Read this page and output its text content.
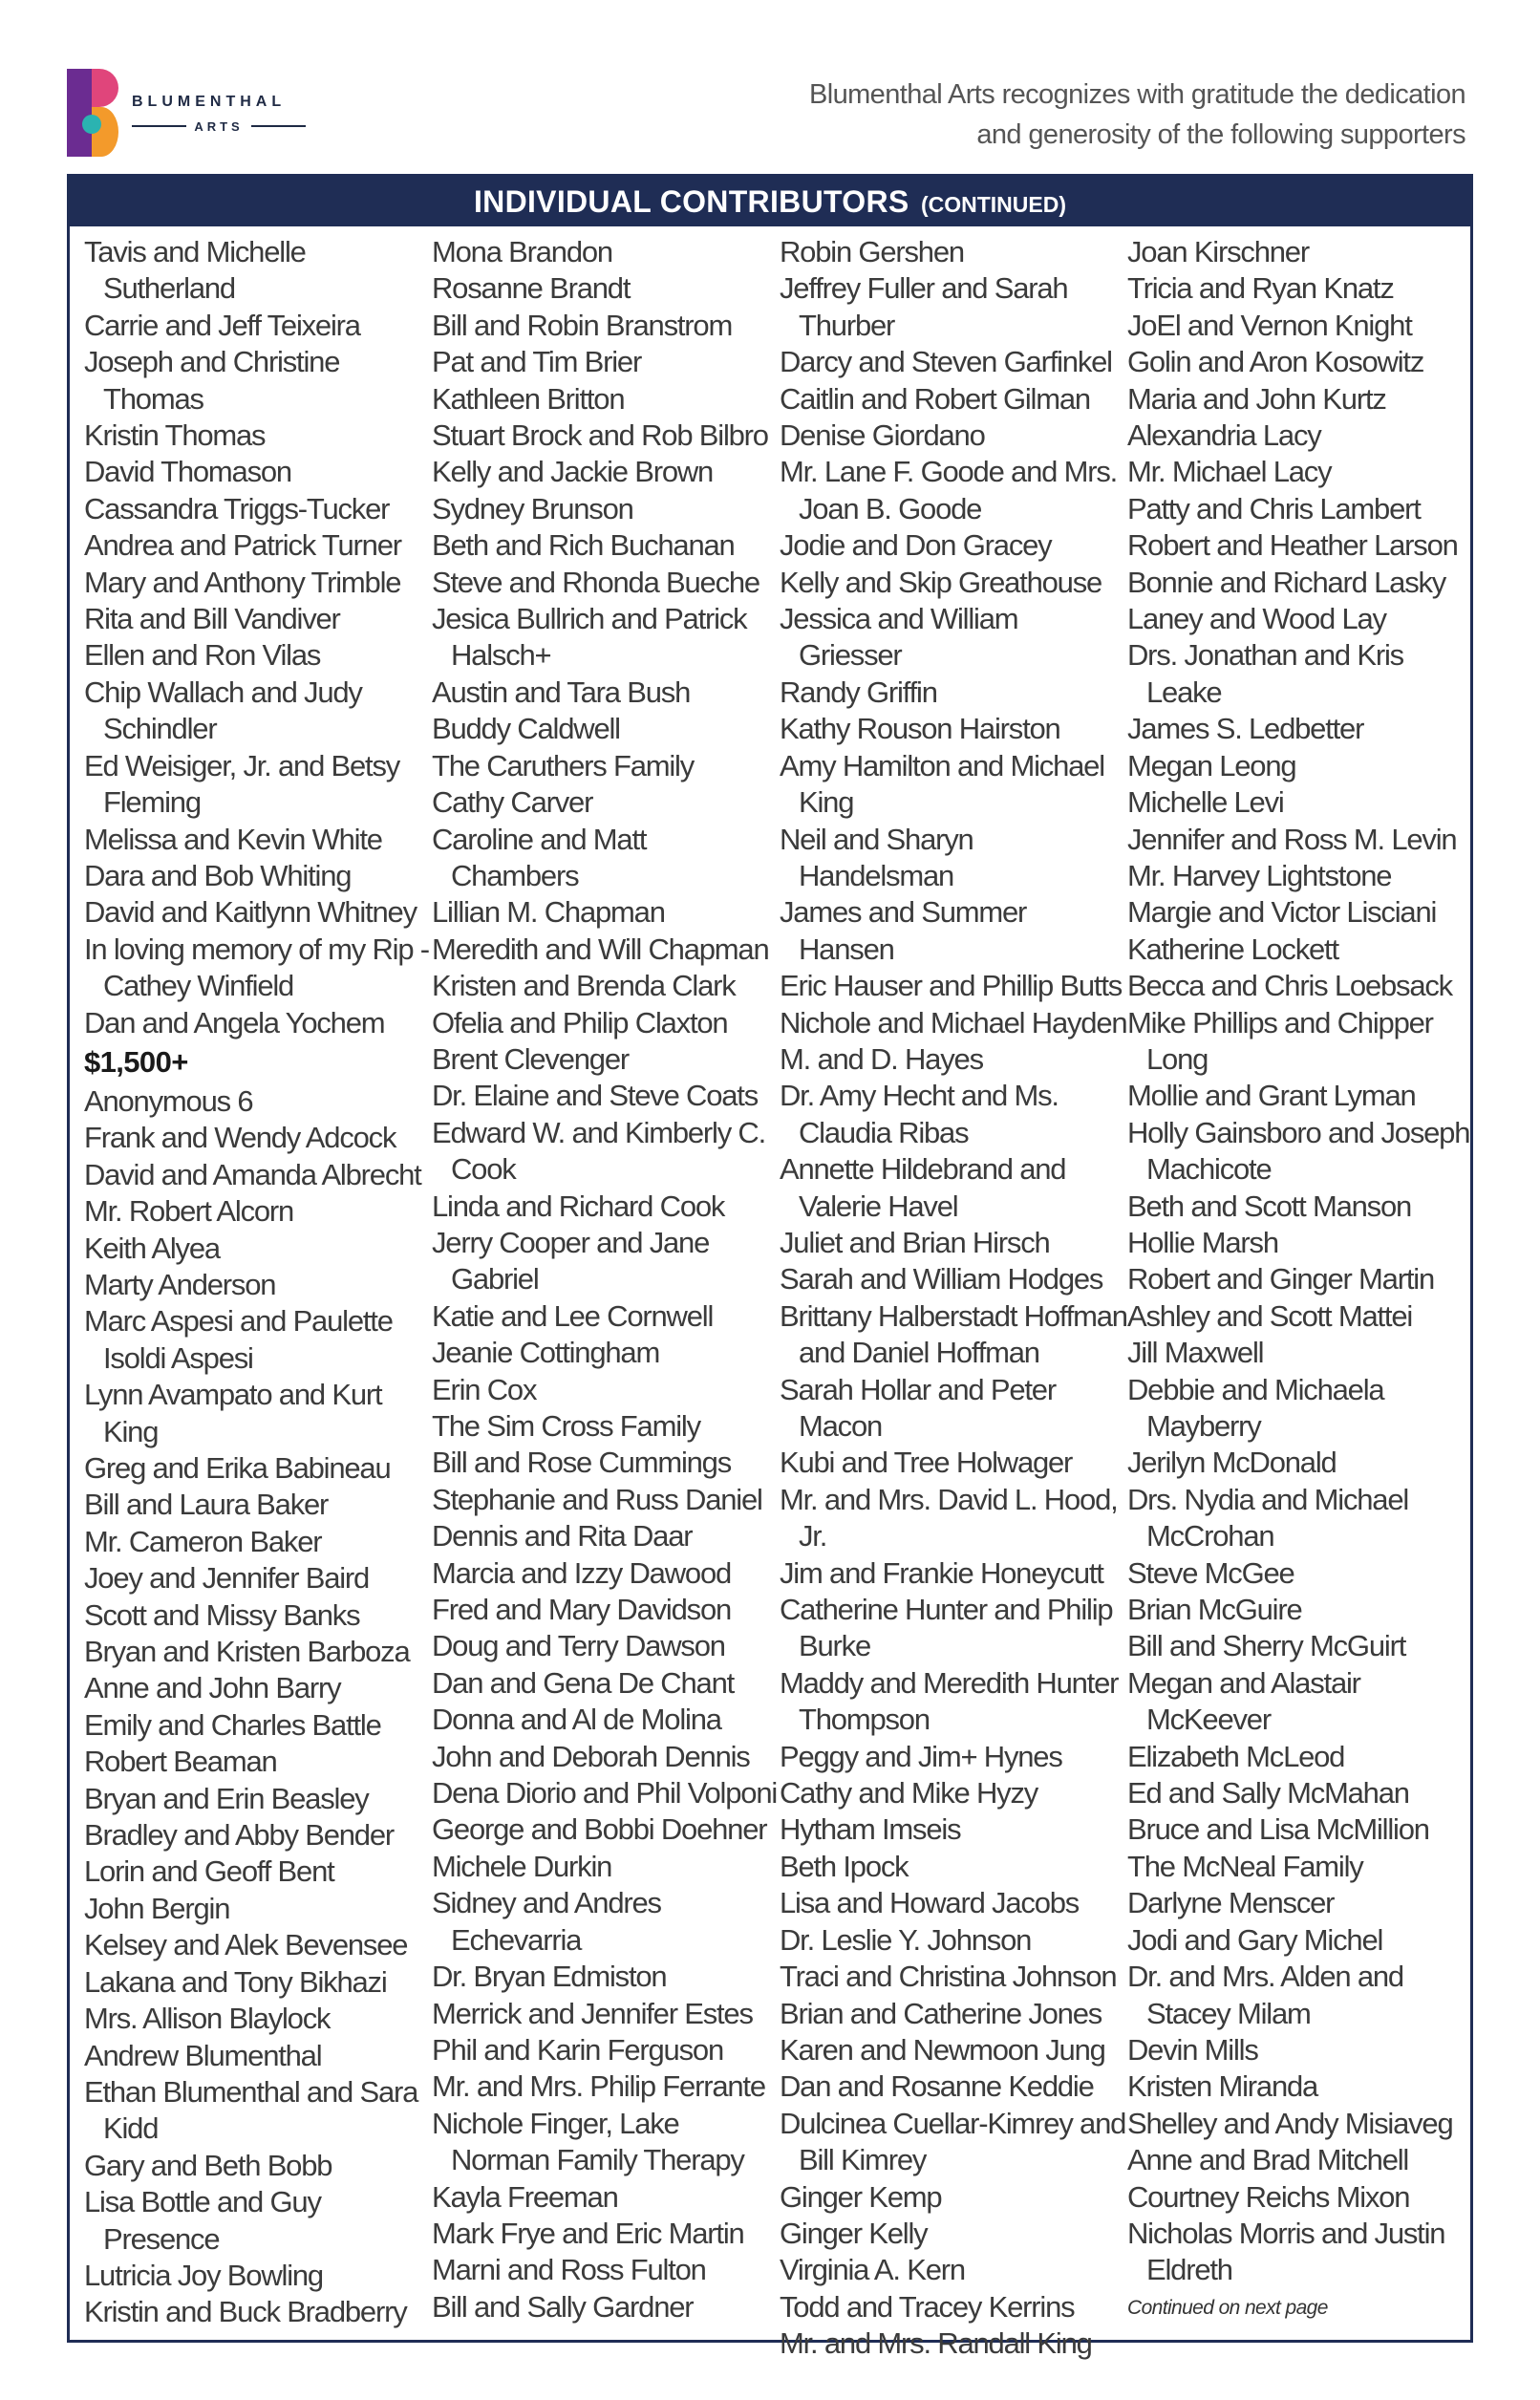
BLUMENTHAL
ARTS
Blumenthal Arts recognizes with gratitude the dedication
and generosity of the following supporters
INDIVIDUAL CONTRIBUTORS (CONTINUED)
Tavis and Michelle Sutherland
Carrie and Jeff Teixeira
Joseph and Christine Thomas
Kristin Thomas
David Thomason
Cassandra Triggs-Tucker
Andrea and Patrick Turner
Mary and Anthony Trimble
Rita and Bill Vandiver
Ellen and Ron Vilas
Chip Wallach and Judy Schindler
Ed Weisiger, Jr. and Betsy Fleming
Melissa and Kevin White
Dara and Bob Whiting
David and Kaitlynn Whitney
In loving memory of my Rip - Cathey Winfield
Dan and Angela Yochem
$1,500+
Anonymous 6
Frank and Wendy Adcock
David and Amanda Albrecht
Mr. Robert Alcorn
Keith Alyea
Marty Anderson
Marc Aspesi and Paulette Isoldi Aspesi
Lynn Avampato and Kurt King
Greg and Erika Babineau
Bill and Laura Baker
Mr. Cameron Baker
Joey and Jennifer Baird
Scott and Missy Banks
Bryan and Kristen Barboza
Anne and John Barry
Emily and Charles Battle
Robert Beaman
Bryan and Erin Beasley
Bradley and Abby Bender
Lorin and Geoff Bent
John Bergin
Kelsey and Alek Bevensee
Lakana and Tony Bikhazi
Mrs. Allison Blaylock
Andrew Blumenthal
Ethan Blumenthal and Sara Kidd
Gary and Beth Bobb
Lisa Bottle and Guy Presence
Lutricia Joy Bowling
Kristin and Buck Bradberry
Mona Brandon
Rosanne Brandt
Bill and Robin Branstrom
Pat and Tim Brier
Kathleen Britton
Stuart Brock and Rob Bilbro
Kelly and Jackie Brown
Sydney Brunson
Beth and Rich Buchanan
Steve and Rhonda Bueche
Jesica Bullrich and Patrick Halsch+
Austin and Tara Bush
Buddy Caldwell
The Caruthers Family
Cathy Carver
Caroline and Matt Chambers
Lillian M. Chapman
Meredith and Will Chapman
Kristen and Brenda Clark
Ofelia and Philip Claxton
Brent Clevenger
Dr. Elaine and Steve Coats
Edward W. and Kimberly C. Cook
Linda and Richard Cook
Jerry Cooper and Jane Gabriel
Katie and Lee Cornwell
Jeanie Cottingham
Erin Cox
The Sim Cross Family
Bill and Rose Cummings
Stephanie and Russ Daniel
Dennis and Rita Daar
Marcia and Izzy Dawood
Fred and Mary Davidson
Doug and Terry Dawson
Dan and Gena De Chant
Donna and Al de Molina
John and Deborah Dennis
Dena Diorio and Phil Volponi
George and Bobbi Doehner
Michele Durkin
Sidney and Andres Echevarria
Dr. Bryan Edmiston
Merrick and Jennifer Estes
Phil and Karin Ferguson
Mr. and Mrs. Philip Ferrante
Nichole Finger, Lake Norman Family Therapy
Kayla Freeman
Mark Frye and Eric Martin
Marni and Ross Fulton
Bill and Sally Gardner
Robin Gershen
Jeffrey Fuller and Sarah Thurber
Darcy and Steven Garfinkel
Caitlin and Robert Gilman
Denise Giordano
Mr. Lane F. Goode and Mrs. Joan B. Goode
Jodie and Don Gracey
Kelly and Skip Greathouse
Jessica and William Griesser
Randy Griffin
Kathy Rouson Hairston
Amy Hamilton and Michael King
Neil and Sharyn Handelsman
James and Summer Hansen
Eric Hauser and Phillip Butts
Nichole and Michael Hayden
M. and D. Hayes
Dr. Amy Hecht and Ms. Claudia Ribas
Annette Hildebrand and Valerie Havel
Juliet and Brian Hirsch
Sarah and William Hodges
Brittany Halberstadt Hoffman and Daniel Hoffman
Sarah Hollar and Peter Macon
Kubi and Tree Holwager
Mr. and Mrs. David L. Hood, Jr.
Jim and Frankie Honeycutt
Catherine Hunter and Philip Burke
Maddy and Meredith Hunter Thompson
Peggy and Jim+ Hynes
Cathy and Mike Hyzy
Hytham Imseis
Beth Ipock
Lisa and Howard Jacobs
Dr. Leslie Y. Johnson
Traci and Christina Johnson
Brian and Catherine Jones
Karen and Newmoon Jung
Dan and Rosanne Keddie
Dulcinea Cuellar-Kimrey and Bill Kimrey
Ginger Kemp
Ginger Kelly
Virginia A. Kern
Todd and Tracey Kerrins
Mr. and Mrs. Randall King
Joan Kirschner
Tricia and Ryan Knatz
JoEl and Vernon Knight
Golin and Aron Kosowitz
Maria and John Kurtz
Alexandria Lacy
Mr. Michael Lacy
Patty and Chris Lambert
Robert and Heather Larson
Bonnie and Richard Lasky
Laney and Wood Lay
Drs. Jonathan and Kris Leake
James S. Ledbetter
Megan Leong
Michelle Levi
Jennifer and Ross M. Levin
Mr. Harvey Lightstone
Margie and Victor Lisciani
Katherine Lockett
Becca and Chris Loebsack
Mike Phillips and Chipper Long
Mollie and Grant Lyman
Holly Gainsboro and Joseph Machicote
Beth and Scott Manson
Hollie Marsh
Robert and Ginger Martin
Ashley and Scott Mattei
Jill Maxwell
Debbie and Michaela Mayberry
Jerilyn McDonald
Drs. Nydia and Michael McCrohan
Steve McGee
Brian McGuire
Bill and Sherry McGuirt
Megan and Alastair McKeever
Elizabeth McLeod
Ed and Sally McMahan
Bruce and Lisa McMillion
The McNeal Family
Darlyne Menscer
Jodi and Gary Michel
Dr. and Mrs. Alden and Stacey Milam
Devin Mills
Kristen Miranda
Shelley and Andy Misiaveg
Anne and Brad Mitchell
Courtney Reichs Mixon
Nicholas Morris and Justin Eldreth
Continued on next page
